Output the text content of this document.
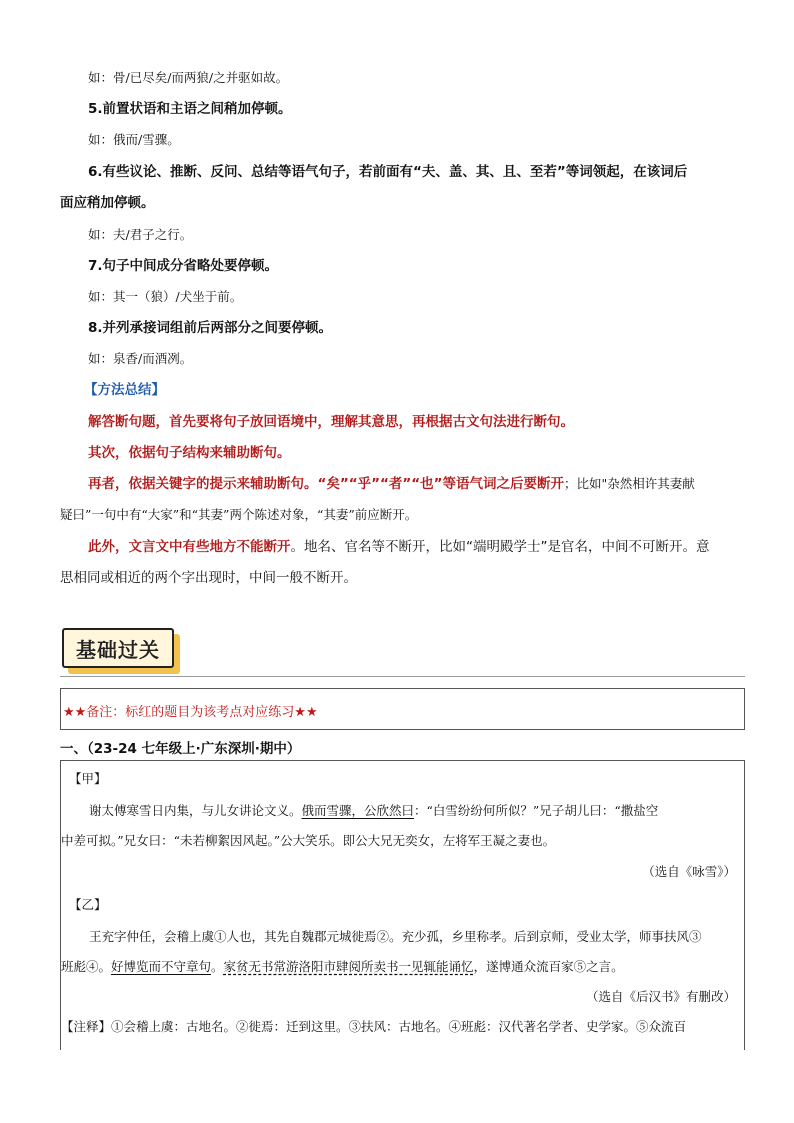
如：骨/已尽矣/而两狼/之并驱如故。
5.前置状语和主语之间稍加停顿。
如：俄而/雪骤。
6.有些议论、推断、反问、总结等语气句子，若前面有“夫、盖、其、且、至若”等词领起，在该词后
面应稍加停顿。
如：夫/君子之行。
7.句子中间成分省略处要停顿。
如：其一（狼）/犬坐于前。
8.并列承接词组前后两部分之间要停顿。
如：泉香/而酒冽。
【方法总结】
解答断句题，首先要将句子放回语境中，理解其意思，再根据古文句法进行断句。
其次，依据句子结构来辅助断句。
再者，依据关键字的提示来辅助断句。“矣”“乎”“者”“也”等语气词之后要断开；比如"杂然相许其妻献
疑曰”一句中有“大家”和“其妻”两个陈述对象，“其妻”前应断开。
此外，文言文中有些地方不能断开。地名、官名等不断开，比如“端明殿学士”是官名，中间不可断开。意
思相同或相近的两个字出现时，中间一般不断开。
基础过关
★★备注：标红的题目为该考点对应练习★★
一、（23-24 七年级上·广东深圳·期中）
【甲】
谢太傅寒雪日内集，与儿女讲论文义。俄而雪骤，公欣然曰：“白雪纷纷何所似？”兄子胡儿曰：“撒盐空
中差可拟。”兄女曰：“未若柳絮因风起。”公大笑乐。即公大兄无奕女，左将军王凝之妻也。
（选自《咏雪》）
【乙】
王充字仲任，会稽上虞①人也，其先自魏郡元城徙焉②。充少孤，乡里称孝。后到京师，受业太学，师事扶风③
班彪④。好博览而不守章句。家贫无书常游洛阳市肆阅所卖书一见辄能诵忆，遂博通众流百家⑤之言。
（选自《后汉书》有删改）
【注释】①会稽上虞：古地名。②徙焉：迁到这里。③扶风：古地名。④班彪：汉代著名学者、史学家。⑤众流百
